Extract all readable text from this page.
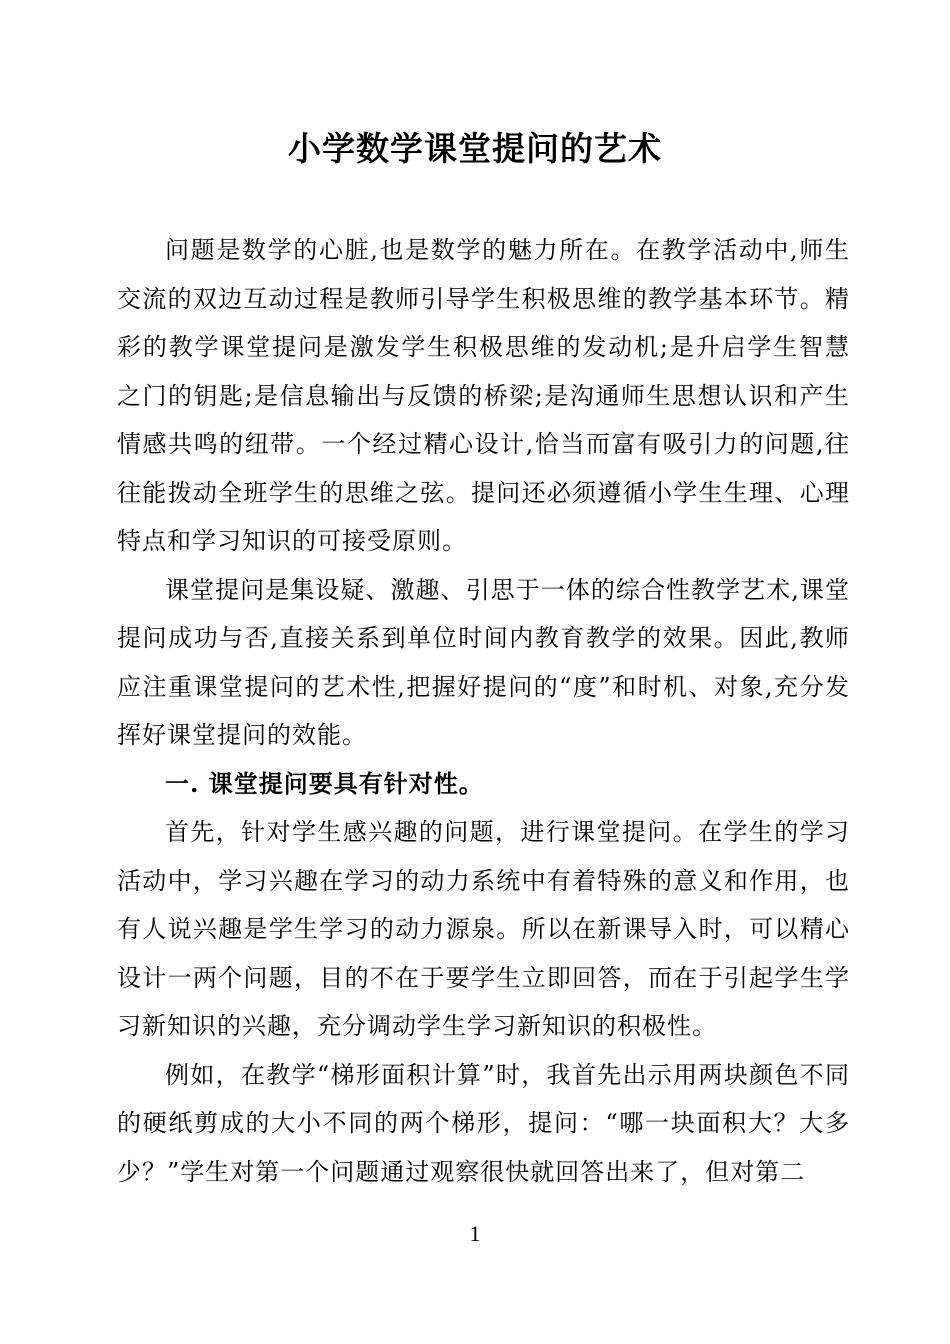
小学数学课堂提问的艺术

问题是数学的心脏,也是数学的魅力所在。在教学活动中,师生交流的双边互动过程是教师引导学生积极思维的教学基本环节。精彩的教学课堂提问是激发学生积极思维的发动机;是升启学生智慧之门的钥匙;是信息输出与反馈的桥梁;是沟通师生思想认识和产生情感共鸣的纽带。一个经过精心设计,恰当而富有吸引力的问题,往往能拨动全班学生的思维之弦。提问还必须遵循小学生生理、心理特点和学习知识的可接受原则。

课堂提问是集设疑、激趣、引思于一体的综合性教学艺术,课堂提问成功与否,直接关系到单位时间内教育教学的效果。因此,教师应注重课堂提问的艺术性,把握好提问的“度”和时机、对象,充分发挥好课堂提问的效能。

一. 课堂提问要具有针对性。

首先，针对学生感兴趣的问题，进行课堂提问。在学生的学习活动中，学习兴趣在学习的动力系统中有着特殊的意义和作用，也有人说兴趣是学生学习的动力源泉。所以在新课导入时，可以精心设计一两个问题，目的不在于要学生立即回答，而在于引起学生学习新知识的兴趣，充分调动学生学习新知识的积极性。

例如，在教学“梯形面积计算”时，我首先出示用两块颜色不同的硬纸剪成的大小不同的两个梯形，提问：“哪一块面积大？大多少？”学生对第一个问题通过观察很快就回答出来了，但对第二

1
